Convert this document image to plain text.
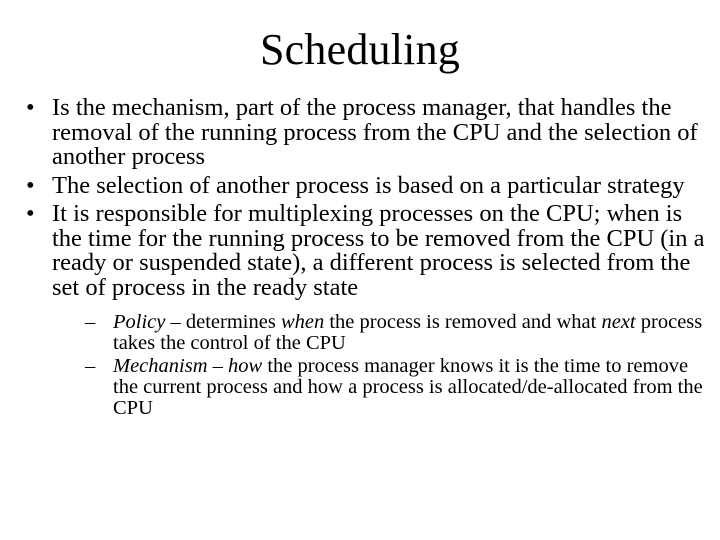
Scheduling
• Is the mechanism, part of the process manager, that handles the removal of the running process from the CPU and the selection of another process
• The selection of another process is based on a particular strategy
• It is responsible for multiplexing processes on the CPU; when is the time for the running process to be removed from the CPU (in a ready or suspended state), a different process is selected from the set of process in the ready state
– Policy – determines when the process is removed and what next process takes the control of the CPU
– Mechanism – how the process manager knows it is the time to remove the current process and how a process is allocated/de-allocated from the CPU
